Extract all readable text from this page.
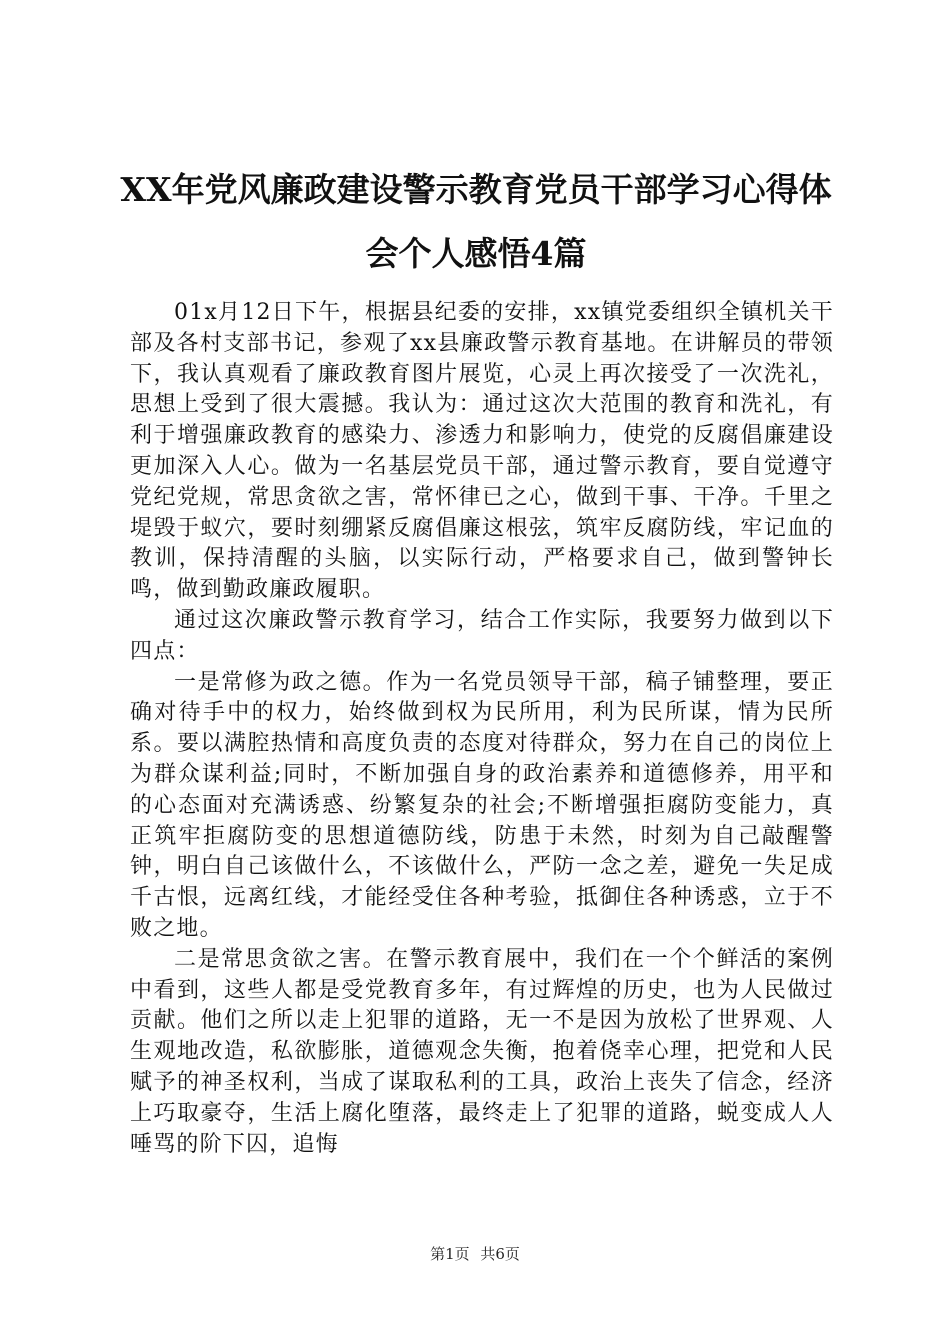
XX年党风廉政建设警示教育党员干部学习心得体会个人感悟4篇

01x月12日下午，根据县纪委的安排，xx镇党委组织全镇机关干部及各村支部书记，参观了xx县廉政警示教育基地。在讲解员的带领下，我认真观看了廉政教育图片展览，心灵上再次接受了一次洗礼，思想上受到了很大震撼。我认为：通过这次大范围的教育和洗礼，有利于增强廉政教育的感染力、渗透力和影响力，使党的反腐倡廉建设更加深入人心。做为一名基层党员干部，通过警示教育，要自觉遵守党纪党规，常思贪欲之害，常怀律已之心，做到干事、干净。千里之堤毁于蚁穴，要时刻绷紧反腐倡廉这根弦，筑牢反腐防线，牢记血的教训，保持清醒的头脑，以实际行动，严格要求自己，做到警钟长鸣，做到勤政廉政履职。

通过这次廉政警示教育学习，结合工作实际，我要努力做到以下四点：

一是常修为政之德。作为一名党员领导干部，稿子铺整理，要正确对待手中的权力，始终做到权为民所用，利为民所谋，情为民所系。要以满腔热情和高度负责的态度对待群众，努力在自己的岗位上为群众谋利益;同时，不断加强自身的政治素养和道德修养，用平和的心态面对充满诱惑、纷繁复杂的社会;不断增强拒腐防变能力，真正筑牢拒腐防变的思想道德防线，防患于未然，时刻为自己敲醒警钟，明白自己该做什么，不该做什么，严防一念之差，避免一失足成千古恨，远离红线，才能经受住各种考验，抵御住各种诱惑，立于不败之地。

二是常思贪欲之害。在警示教育展中，我们在一个个鲜活的案例中看到，这些人都是受党教育多年，有过辉煌的历史，也为人民做过贡献。他们之所以走上犯罪的道路，无一不是因为放松了世界观、人生观地改造，私欲膨胀，道德观念失衡，抱着侥幸心理，把党和人民赋予的神圣权利，当成了谋取私利的工具，政治上丧失了信念，经济上巧取豪夺，生活上腐化堕落，最终走上了犯罪的道路，蜕变成人人唾骂的阶下囚，追悔

第1页 共6页
